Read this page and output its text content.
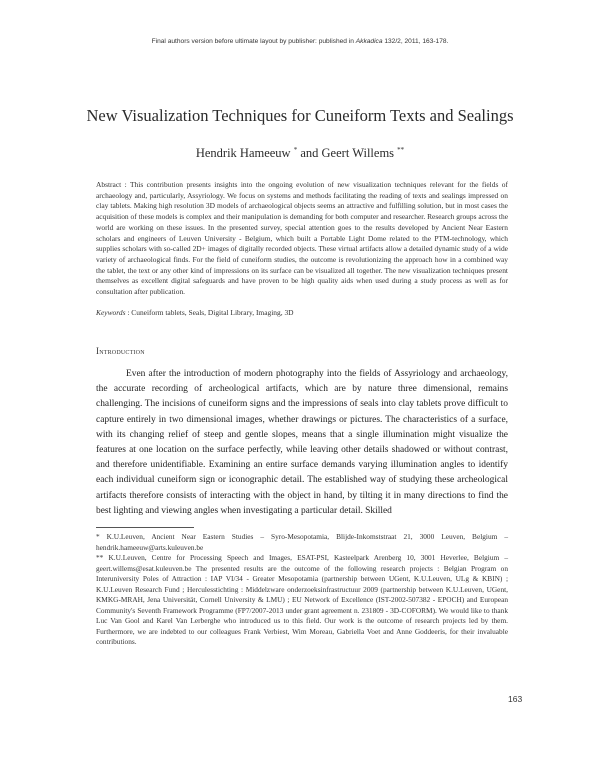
Final authors version before ultimate layout by publisher: published in Akkadica 132/2, 2011, 163-178.
New Visualization Techniques for Cuneiform Texts and Sealings
Hendrik Hameeuw * and Geert Willems **

Abstract : This contribution presents insights into the ongoing evolution of new visualization techniques relevant for the fields of archaeology and, particularly, Assyriology. We focus on systems and methods facilitating the reading of texts and sealings impressed on clay tablets. Making high resolution 3D models of archaeological objects seems an attractive and fulfilling solution, but in most cases the acquisition of these models is complex and their manipulation is demanding for both computer and researcher. Research groups across the world are working on these issues. In the presented survey, special attention goes to the results developed by Ancient Near Eastern scholars and engineers of Leuven University - Belgium, which built a Portable Light Dome related to the PTM-technology, which supplies scholars with so-called 2D+ images of digitally recorded objects. These virtual artifacts allow a detailed dynamic study of a wide variety of archaeological finds. For the field of cuneiform studies, the outcome is revolutionizing the approach how in a combined way the tablet, the text or any other kind of impressions on its surface can be visualized all together. The new visualization techniques present themselves as excellent digital safeguards and have proven to be high quality aids when used during a study process as well as for consultation after publication.

Keywords : Cuneiform tablets, Seals, Digital Library, Imaging, 3D
Introduction

Even after the introduction of modern photography into the fields of Assyriology and archaeology, the accurate recording of archeological artifacts, which are by nature three dimensional, remains challenging. The incisions of cuneiform signs and the impressions of seals into clay tablets prove difficult to capture entirely in two dimensional images, whether drawings or pictures. The characteristics of a surface, with its changing relief of steep and gentle slopes, means that a single illumination might visualize the features at one location on the surface perfectly, while leaving other details shadowed or without contrast, and therefore unidentifiable. Examining an entire surface demands varying illumination angles to identify each individual cuneiform sign or iconographic detail. The established way of studying these archeological artifacts therefore consists of interacting with the object in hand, by tilting it in many directions to find the best lighting and viewing angles when investigating a particular detail. Skilled

* K.U.Leuven, Ancient Near Eastern Studies – Syro-Mesopotamia, Blijde-Inkomststraat 21, 3000 Leuven, Belgium – hendrik.hameeuw@arts.kuleuven.be

** K.U.Leuven, Centre for Processing Speech and Images, ESAT-PSI, Kasteelpark Arenberg 10, 3001 Heverlee, Belgium – geert.willems@esat.kuleuven.be The presented results are the outcome of the following research projects : Belgian Program on Interuniversity Poles of Attraction : IAP VI/34 - Greater Mesopotamia (partnership between UGent, K.U.Leuven, ULg & KBIN) ; K.U.Leuven Research Fund ; Herculesstichting : Middelzware onderzoeksinfrastructuur 2009 (partnership between K.U.Leuven, UGent, KMKG-MRAH, Jena Universität, Cornell University & LMU) ; EU Network of Excellence (IST-2002-507382 - EPOCH) and European Community's Seventh Framework Programme (FP7/2007-2013 under grant agreement n. 231809 - 3D-COFORM). We would like to thank Luc Van Gool and Karel Van Lerberghe who introduced us to this field. Our work is the outcome of research projects led by them. Furthermore, we are indebted to our colleagues Frank Verbiest, Wim Moreau, Gabriella Voet and Anne Goddeeris, for their invaluable contributions.

163
